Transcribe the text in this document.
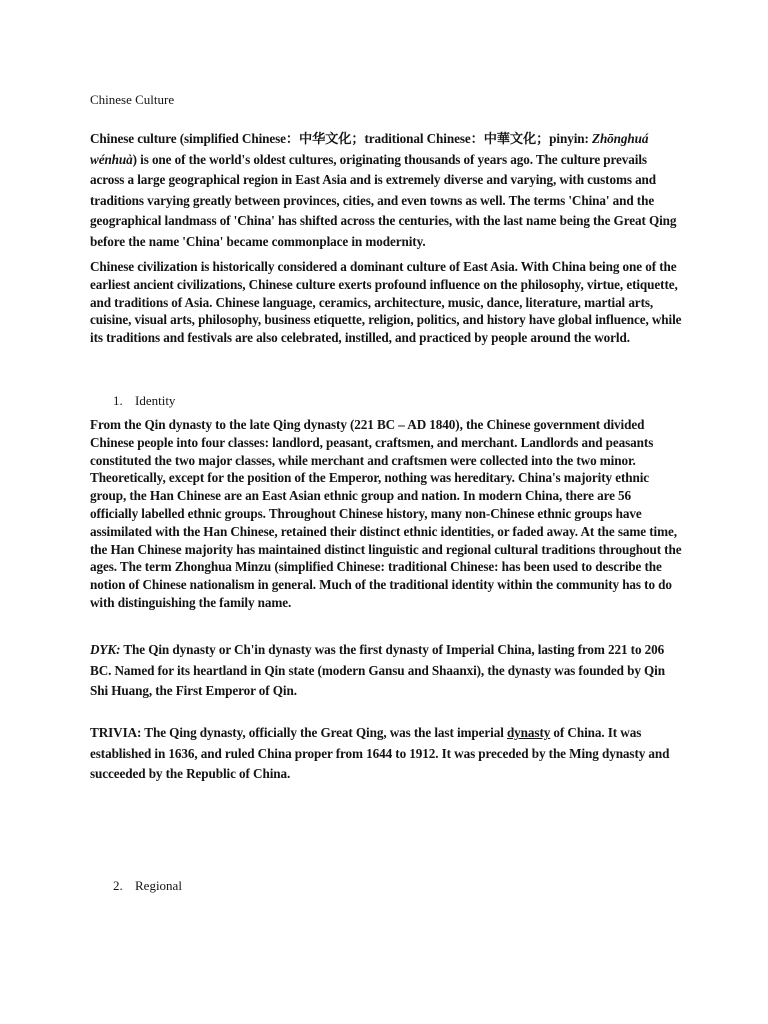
Chinese Culture

Chinese culture (simplified Chinese：中华文化；traditional Chinese：中華文化；pinyin: Zhōnghuá wénhuà) is one of the world's oldest cultures, originating thousands of years ago. The culture prevails across a large geographical region in East Asia and is extremely diverse and varying, with customs and traditions varying greatly between provinces, cities, and even towns as well. The terms 'China' and the geographical landmass of 'China' has shifted across the centuries, with the last name being the Great Qing before the name 'China' became commonplace in modernity.

Chinese civilization is historically considered a dominant culture of East Asia. With China being one of the earliest ancient civilizations, Chinese culture exerts profound influence on the philosophy, virtue, etiquette, and traditions of Asia. Chinese language, ceramics, architecture, music, dance, literature, martial arts, cuisine, visual arts, philosophy, business etiquette, religion, politics, and history have global influence, while its traditions and festivals are also celebrated, instilled, and practiced by people around the world.

1. Identity

From the Qin dynasty to the late Qing dynasty (221 BC – AD 1840), the Chinese government divided Chinese people into four classes: landlord, peasant, craftsmen, and merchant. Landlords and peasants constituted the two major classes, while merchant and craftsmen were collected into the two minor. Theoretically, except for the position of the Emperor, nothing was hereditary. China's majority ethnic group, the Han Chinese are an East Asian ethnic group and nation. In modern China, there are 56 officially labelled ethnic groups. Throughout Chinese history, many non-Chinese ethnic groups have assimilated with the Han Chinese, retained their distinct ethnic identities, or faded away. At the same time, the Han Chinese majority has maintained distinct linguistic and regional cultural traditions throughout the ages. The term Zhonghua Minzu (simplified Chinese: traditional Chinese: has been used to describe the notion of Chinese nationalism in general. Much of the traditional identity within the community has to do with distinguishing the family name.

DYK: The Qin dynasty or Ch'in dynasty was the first dynasty of Imperial China, lasting from 221 to 206 BC. Named for its heartland in Qin state (modern Gansu and Shaanxi), the dynasty was founded by Qin Shi Huang, the First Emperor of Qin.

TRIVIA: The Qing dynasty, officially the Great Qing, was the last imperial dynasty of China. It was established in 1636, and ruled China proper from 1644 to 1912. It was preceded by the Ming dynasty and succeeded by the Republic of China.

2. Regional
